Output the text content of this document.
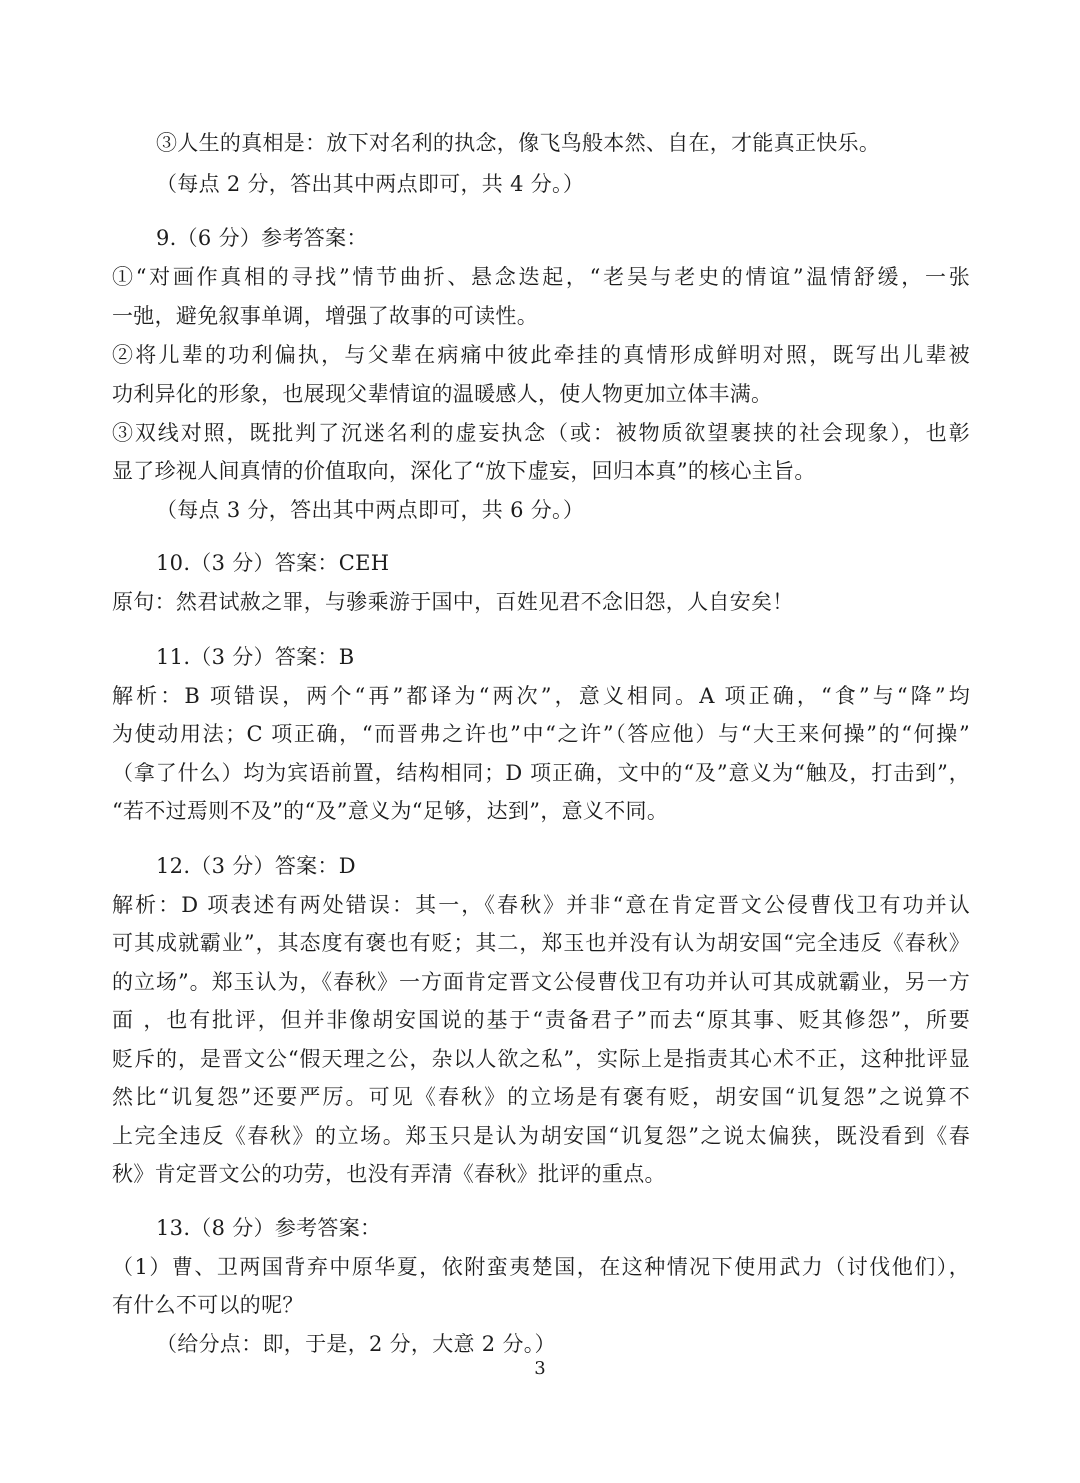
③人生的真相是：放下对名利的执念，像飞鸟般本然、自在，才能真正快乐。
（每点 2 分，答出其中两点即可，共 4 分。）
9.（6 分）参考答案：
①“对画作真相的寻找”情节曲折、悬念迭起，“老吴与老史的情谊”温情舒缓，一张
一弛，避免叙事单调，增强了故事的可读性。
②将儿辈的功利偏执，与父辈在病痛中彼此牵挂的真情形成鲜明对照，既写出儿辈被
功利异化的形象，也展现父辈情谊的温暖感人，使人物更加立体丰满。
③双线对照，既批判了沉迷名利的虚妄执念（或：被物质欲望裹挟的社会现象），也彰
显了珍视人间真情的价值取向，深化了“放下虚妄，回归本真”的核心主旨。
（每点 3 分，答出其中两点即可，共 6 分。）
10.（3 分）答案：CEH
原句：然君试赦之罪，与骖乘游于国中，百姓见君不念旧怨，人自安矣！
11.（3 分）答案：B
解析：B 项错误，两个“再”都译为“两次”，意义相同。A 项正确，“食”与“降”均
为使动用法；C 项正确，“而晋弗之许也”中“之许”（答应他）与“大王来何操”的“何操”
（拿了什么）均为宾语前置，结构相同；D 项正确，文中的“及”意义为“触及，打击到”，
“若不过焉则不及”的“及”意义为“足够，达到”，意义不同。
12.（3 分）答案：D
解析：D 项表述有两处错误：其一，《春秋》并非“意在肯定晋文公侵曹伐卫有功并认
可其成就霸业”，其态度有褒也有贬；其二，郑玉也并没有认为胡安国“完全违反《春秋》
的立场”。郑玉认为，《春秋》一方面肯定晋文公侵曹伐卫有功并认可其成就霸业，另一方
面 ，也有批评，但并非像胡安国说的基于“责备君子”而去“原其事、贬其修怨”，所要
贬斥的，是晋文公“假天理之公，杂以人欲之私”，实际上是指责其心术不正，这种批评显
然比“讥复怨”还要严厉。可见《春秋》的立场是有褒有贬，胡安国“讥复怨”之说算不
上完全违反《春秋》的立场。郑玉只是认为胡安国“讥复怨”之说太偏狭，既没看到《春
秋》肯定晋文公的功劳，也没有弄清《春秋》批评的重点。
13.（8 分）参考答案：
（1）曹、卫两国背弃中原华夏，依附蛮夷楚国，在这种情况下使用武力（讨伐他们），
有什么不可以的呢？
（给分点：即，于是，2 分，大意 2 分。）
3
